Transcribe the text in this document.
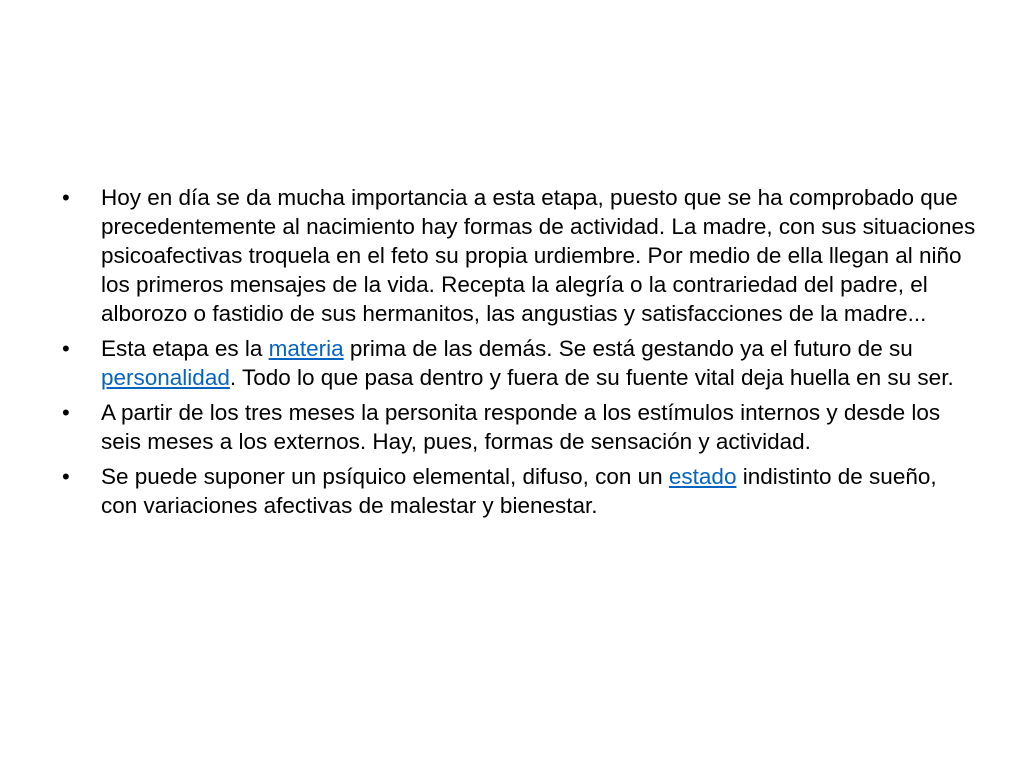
• Hoy en día se da mucha importancia a esta etapa, puesto que se ha comprobado que precedentemente al nacimiento hay formas de actividad. La madre, con sus situaciones psicoafectivas troquela en el feto su propia urdiembre. Por medio de ella llegan al niño los primeros mensajes de la vida. Recepta la alegría o la contrariedad del padre, el alborozo o fastidio de sus hermanitos, las angustias y satisfacciones de la madre...
• Esta etapa es la materia prima de las demás. Se está gestando ya el futuro de su personalidad. Todo lo que pasa dentro y fuera de su fuente vital deja huella en su ser.
• A partir de los tres meses la personita responde a los estímulos internos y desde los seis meses a los externos. Hay, pues, formas de sensación y actividad.
• Se puede suponer un psíquico elemental, difuso, con un estado indistinto de sueño, con variaciones afectivas de malestar y bienestar.
